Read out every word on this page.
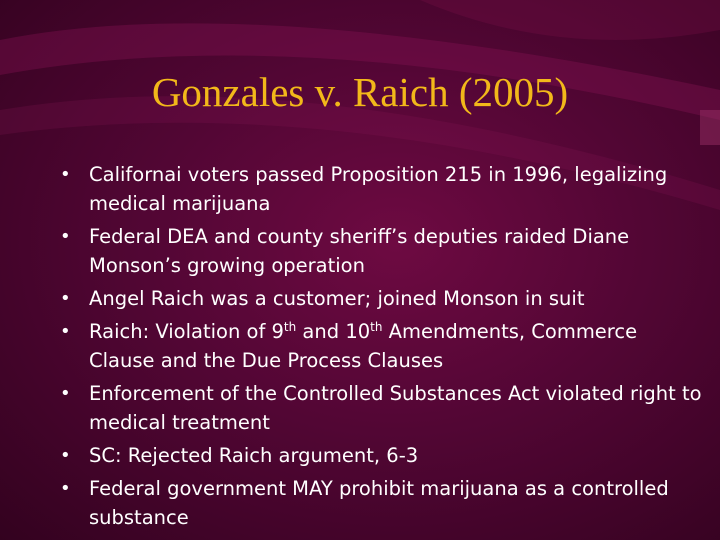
Gonzales v. Raich (2005)
• Californai voters passed Proposition 215 in 1996, legalizing medical marijuana
• Federal DEA and county sheriff’s deputies raided Diane Monson’s growing operation
• Angel Raich was a customer; joined Monson in suit
• Raich: Violation of 9th and 10th Amendments, Commerce Clause and the Due Process Clauses
• Enforcement of the Controlled Substances Act violated right to medical treatment
• SC: Rejected Raich argument, 6-3
• Federal government MAY prohibit marijuana as a controlled substance
